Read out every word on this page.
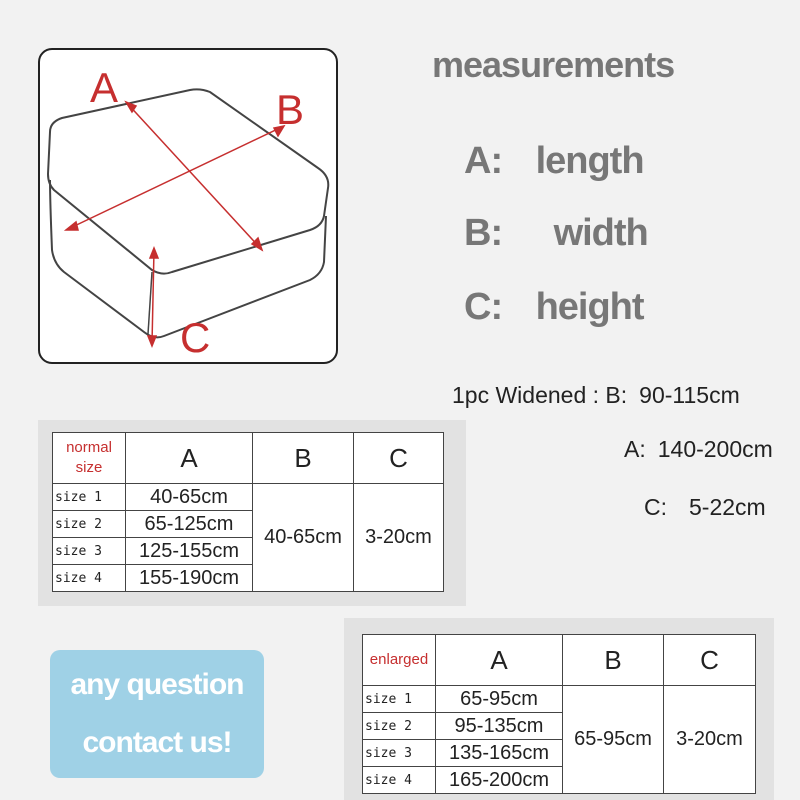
A	B
C
measurements
A: length
B: width
C: height
1pc Widened : B: 90-115cm
A: 140-200cm
C: 5-22cm
normal size	A	B	C
size 1	40-65cm	40-65cm	3-20cm
size 2	65-125cm		
size 3	125-155cm		
size 4	155-190cm		
enlarged	A	B	C
size 1	65-95cm	65-95cm	3-20cm
size 2	95-135cm		
size 3	135-165cm		
size 4	165-200cm		
any question
contact us!
